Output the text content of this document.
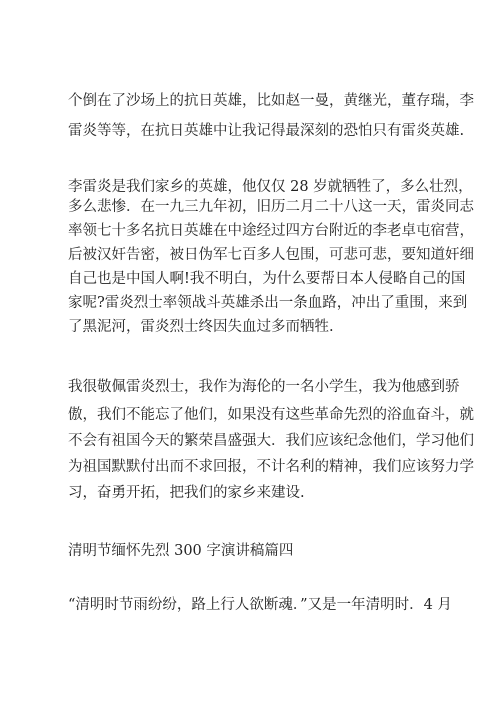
个倒在了沙场上的抗日英雄，比如赵一曼，黄继光，董存瑞，李
雷炎等等，在抗日英雄中让我记得最深刻的恐怕只有雷炎英雄.
李雷炎是我们家乡的英雄，他仅仅 28 岁就牺牲了，多么壮烈，
多么悲惨．在一九三九年初，旧历二月二十八这一天，雷炎同志
率领七十多名抗日英雄在中途经过四方台附近的李老卓屯宿营，
后被汉奸告密，被日伪军七百多人包围，可悲可悲，要知道奸细
自己也是中国人啊!我不明白，为什么要帮日本人侵略自己的国
家呢?雷炎烈士率领战斗英雄杀出一条血路，冲出了重围，来到
了黑泥河，雷炎烈士终因失血过多而牺牲.
我很敬佩雷炎烈士，我作为海伦的一名小学生，我为他感到骄
傲，我们不能忘了他们，如果没有这些革命先烈的浴血奋斗，就
不会有祖国今天的繁荣昌盛强大．我们应该纪念他们，学习他们
为祖国默默付出而不求回报，不计名利的精神，我们应该努力学
习，奋勇开拓，把我们的家乡来建设.
清明节缅怀先烈 300 字演讲稿篇四
“清明时节雨纷纷，路上行人欲断魂．”又是一年清明时．4 月
